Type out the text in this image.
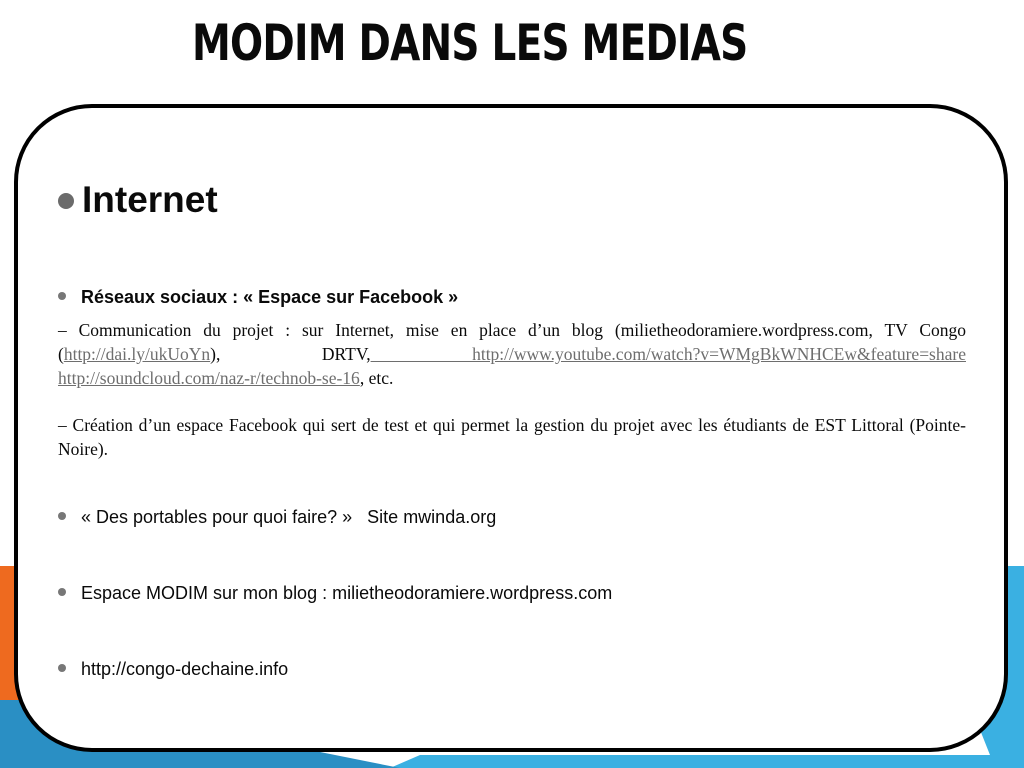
MODIM DANS LES MEDIAS
Internet
Réseaux sociaux : « Espace sur Facebook »

– Communication du projet : sur Internet, mise en place d’un blog (milietheodoramiere.wordpress.com, TV Congo (http://dai.ly/ukUoYn), DRTV, http://www.youtube.com/watch?v=WMgBkWNHCEw&feature=share http://soundcloud.com/naz-r/technob-se-16, etc.

– Création d’un espace Facebook qui sert de test et qui permet la gestion du projet avec les étudiants de EST Littoral (Pointe-Noire).

« Des portables pour quoi faire? »   Site mwinda.org
Espace MODIM sur mon blog : milietheodoramiere.wordpress.com
http://congo-dechaine.info
